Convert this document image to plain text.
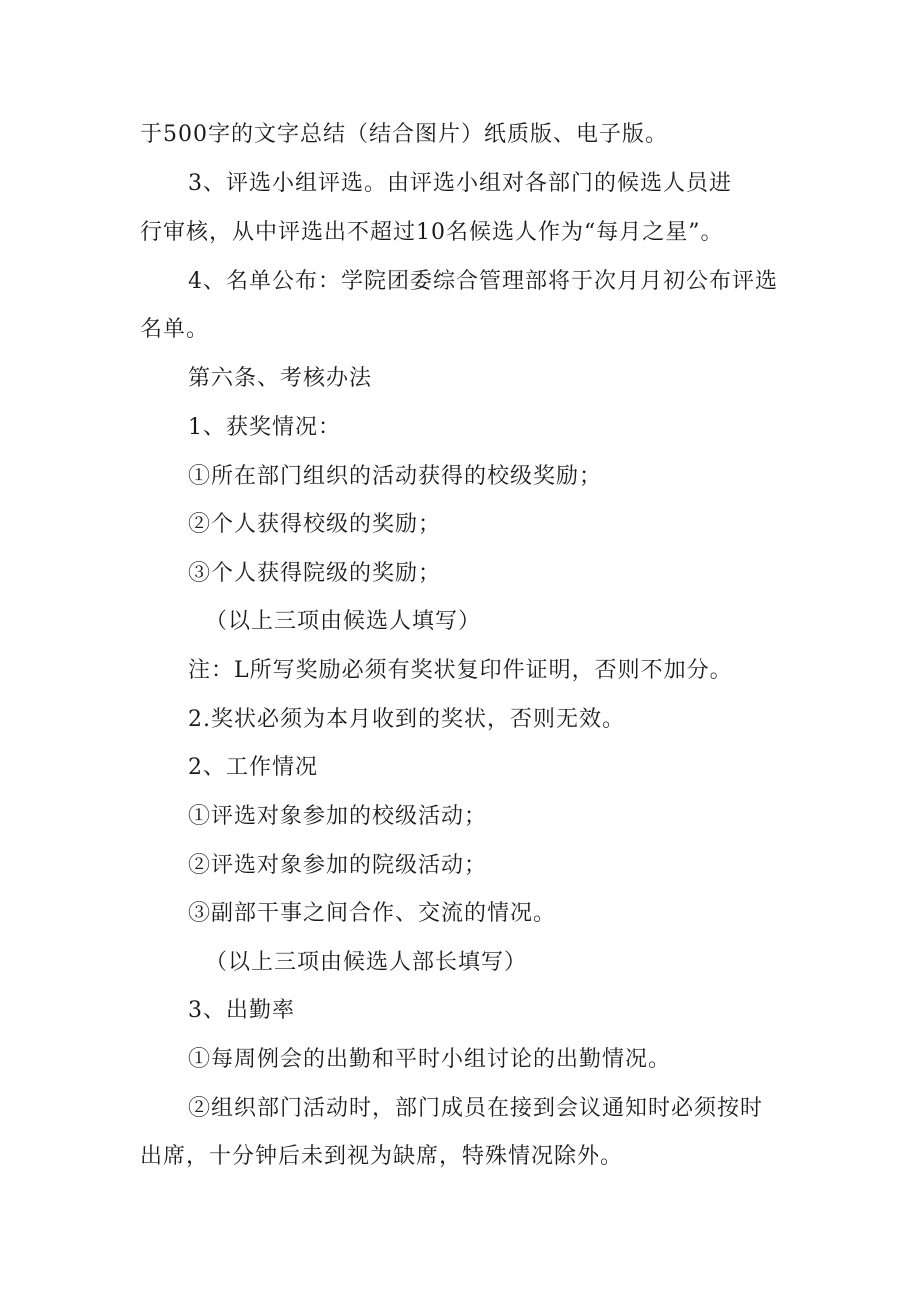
于500字的文字总结（结合图片）纸质版、电子版。
3、评选小组评选。由评选小组对各部门的候选人员进
行审核，从中评选出不超过10名候选人作为“每月之星”。
4、名单公布：学院团委综合管理部将于次月月初公布评选
名单。
第六条、考核办法
1、获奖情况：
①所在部门组织的活动获得的校级奖励；
②个人获得校级的奖励；
③个人获得院级的奖励；
（以上三项由候选人填写）
注：L所写奖励必须有奖状复印件证明，否则不加分。
2.奖状必须为本月收到的奖状，否则无效。
2、工作情况
①评选对象参加的校级活动；
②评选对象参加的院级活动；
③副部干事之间合作、交流的情况。
（以上三项由候选人部长填写）
3、出勤率
①每周例会的出勤和平时小组讨论的出勤情况。
②组织部门活动时，部门成员在接到会议通知时必须按时
出席，十分钟后未到视为缺席，特殊情况除外。
